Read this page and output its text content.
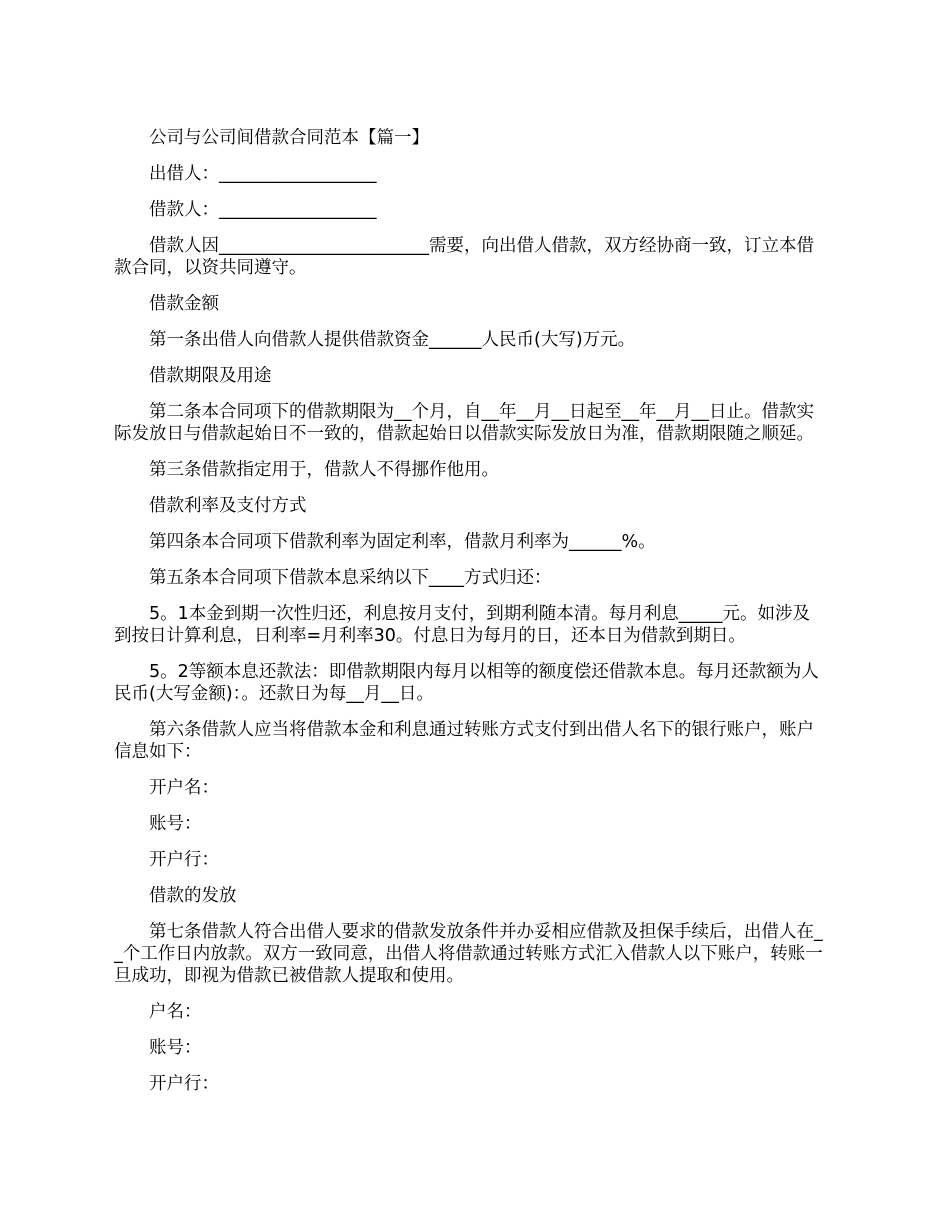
公司与公司间借款合同范本【篇一】

出借人：__________________

借款人：__________________

借款人因________________________需要，向出借人借款，双方经协商一致，订立本借款合同，以资共同遵守。

借款金额

第一条出借人向借款人提供借款资金______人民币(大写)万元。

借款期限及用途

第二条本合同项下的借款期限为__个月，自__年__月__日起至__年__月__日止。借款实际发放日与借款起始日不一致的，借款起始日以借款实际发放日为准，借款期限随之顺延。

第三条借款指定用于，借款人不得挪作他用。

借款利率及支付方式

第四条本合同项下借款利率为固定利率，借款月利率为______%。

第五条本合同项下借款本息采纳以下____方式归还：

5。1本金到期一次性归还，利息按月支付，到期利随本清。每月利息_____元。如涉及到按日计算利息，日利率=月利率30。付息日为每月的日，还本日为借款到期日。

5。2等额本息还款法：即借款期限内每月以相等的额度偿还借款本息。每月还款额为人民币(大写金额)：。还款日为每__月__日。

第六条借款人应当将借款本金和利息通过转账方式支付到出借人名下的银行账户，账户信息如下：

开户名：

账号：

开户行：

借款的发放

第七条借款人符合出借人要求的借款发放条件并办妥相应借款及担保手续后，出借人在__个工作日内放款。双方一致同意，出借人将借款通过转账方式汇入借款人以下账户，转账一旦成功，即视为借款已被借款人提取和使用。

户名：

账号：

开户行：
